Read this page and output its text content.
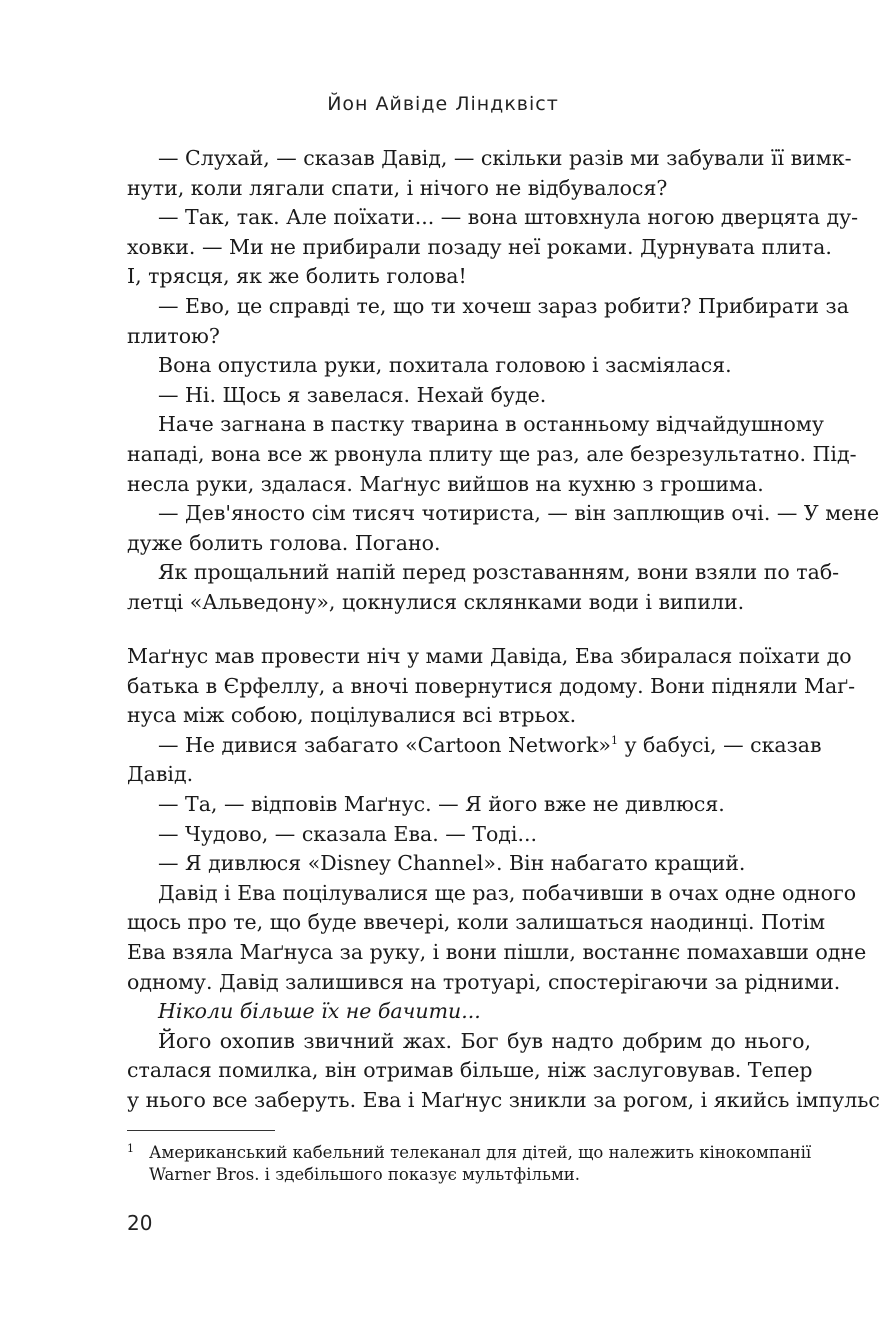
Йон Айвіде Ліндквіст
— Слухай, — сказав Давід, — скільки разів ми забували її вимк-
нути, коли лягали спати, і нічого не відбувалося?
— Так, так. Але поїхати... — вона штовхнула ногою дверцята ду-
ховки. — Ми не прибирали позаду неї роками. Дурнувата плита.
І, трясця, як же болить голова!
— Ево, це справді те, що ти хочеш зараз робити? Прибирати за
плитою?
Вона опустила руки, похитала головою і засміялася.
— Ні. Щось я завелася. Нехай буде.
Наче загнана в пастку тварина в останньому відчайдушному
нападі, вона все ж рвонула плиту ще раз, але безрезультатно. Під-
несла руки, здалася. Маґнус вийшов на кухню з грошима.
— Дев'яносто сім тисяч чотириста, — він заплющив очі. — У мене
дуже болить голова. Погано.
Як прощальний напій перед розставанням, вони взяли по таб-
летці «Альведону», цокнулися склянками води і випили.
Маґнус мав провести ніч у мами Давіда, Ева збиралася поїхати до
батька в Єрфеллу, а вночі повернутися додому. Вони підняли Маґ-
нуса між собою, поцілувалися всі втрьох.
— Не дивися забагато «Cartoon Network»$^1$ у бабусі, — сказав
Давід.
— Та, — відповів Маґнус. — Я його вже не дивлюся.
— Чудово, — сказала Ева. — Тоді...
— Я дивлюся «Disney Channel». Він набагато кращий.
Давід і Ева поцілувалися ще раз, побачивши в очах одне одного
щось про те, що буде ввечері, коли залишаться наодинці. Потім
Ева взяла Маґнуса за руку, і вони пішли, востаннє помахавши одне
одному. Давід залишився на тротуарі, спостерігаючи за рідними.
Ніколи більше їх не бачити...
Його охопив звичний жах. Бог був надто добрим до нього,
сталася помилка, він отримав більше, ніж заслуговував. Тепер
у нього все заберуть. Ева і Маґнус зникли за рогом, і якийсь імпульс
1 Американський кабельний телеканал для дітей, що належить кінокомпанії
Warner Bros. і здебільшого показує мультфільми.
20
